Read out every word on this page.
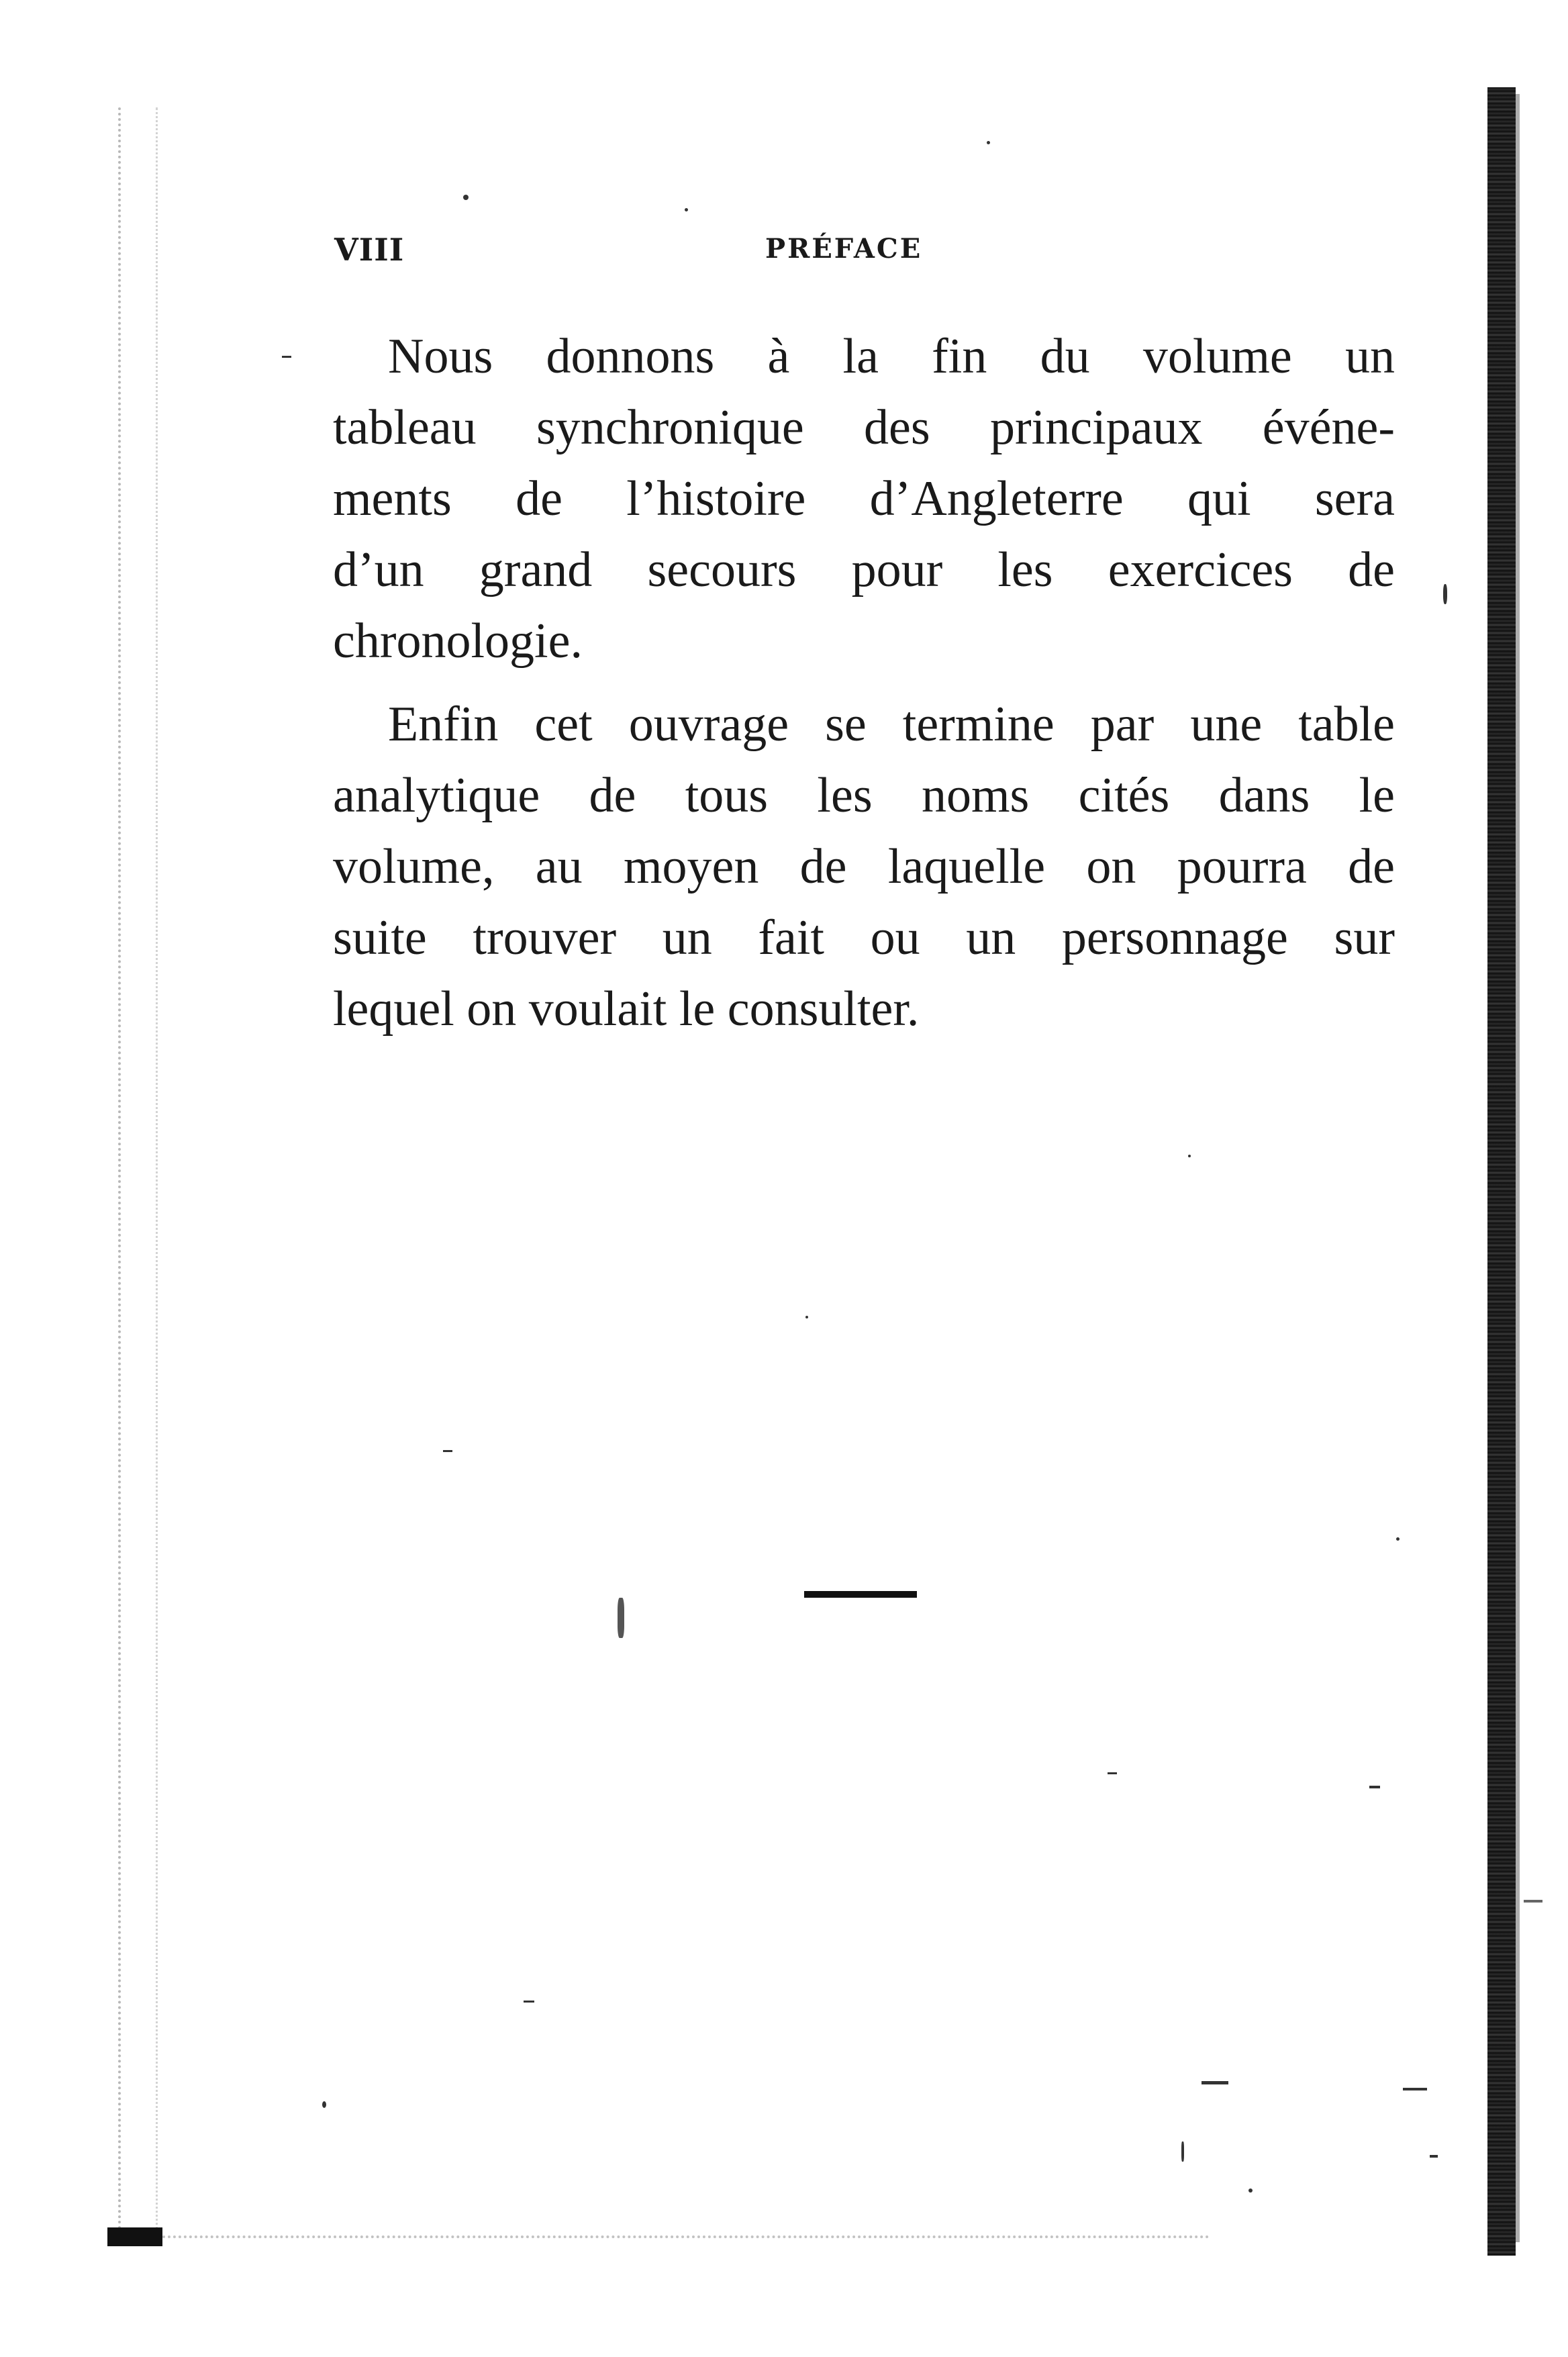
VIII	PRÉFACE

Nous donnons à la fin du volume un
tableau synchronique des principaux événe-
ments de l’histoire d’Angleterre qui sera
d’un grand secours pour les exercices de
chronologie.

Enfin cet ouvrage se termine par une table
analytique de tous les noms cités dans le
volume, au moyen de laquelle on pourra de
suite trouver un fait ou un personnage sur
lequel on voulait le consulter.
